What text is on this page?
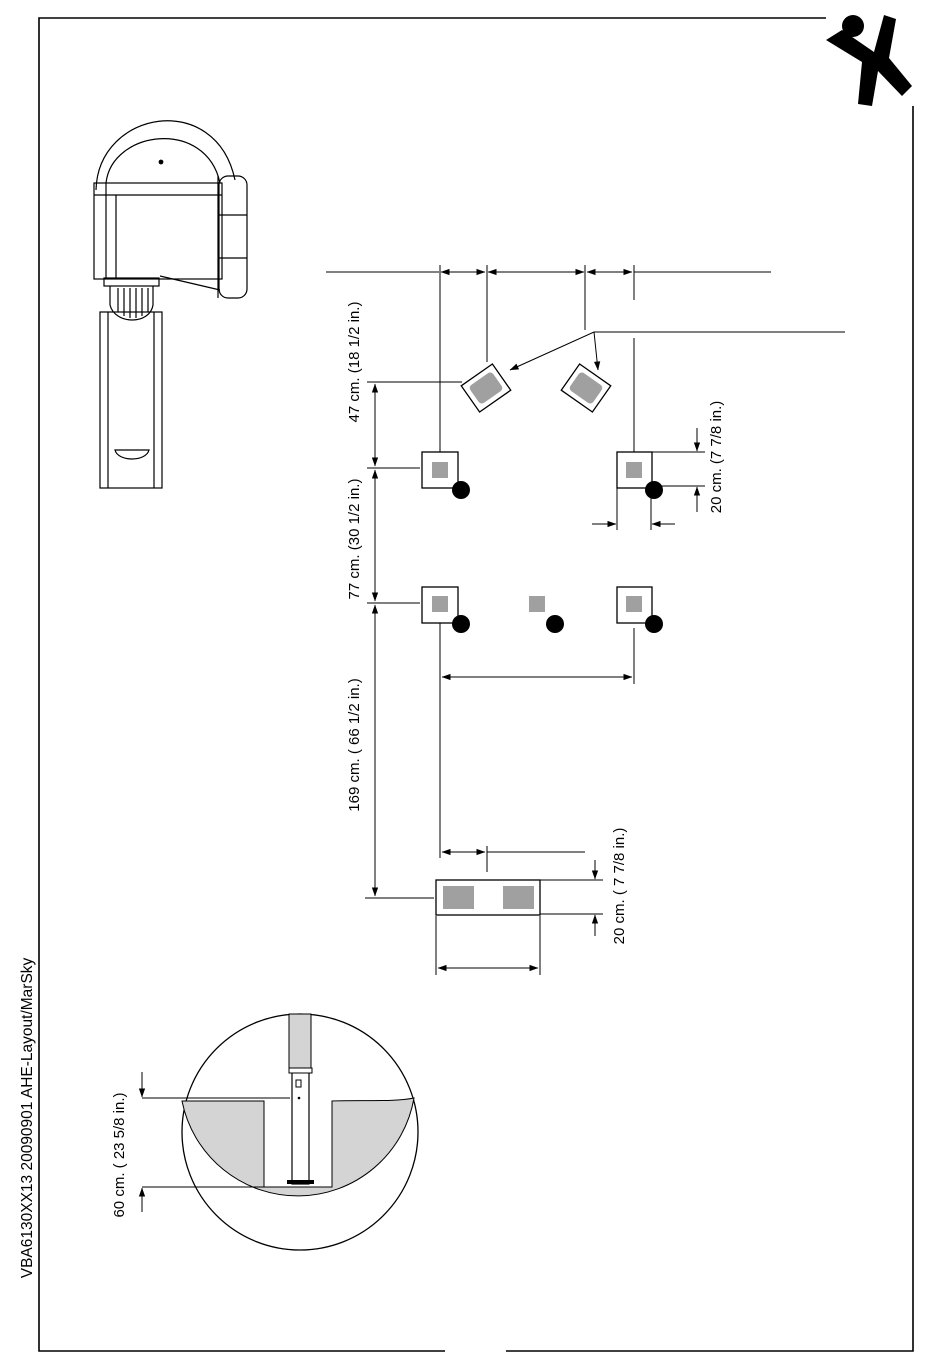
47 cm. (18 1/2 in.)
77 cm. (30 1/2 in.)
169 cm. ( 66 1/2 in.)
20 cm. (7 7/8 in.)
20 cm. ( 7 7/8 in.)
60 cm. ( 23 5/8 in.)
VBA6130XX13 20090901 AHE-Layout/MarSky
